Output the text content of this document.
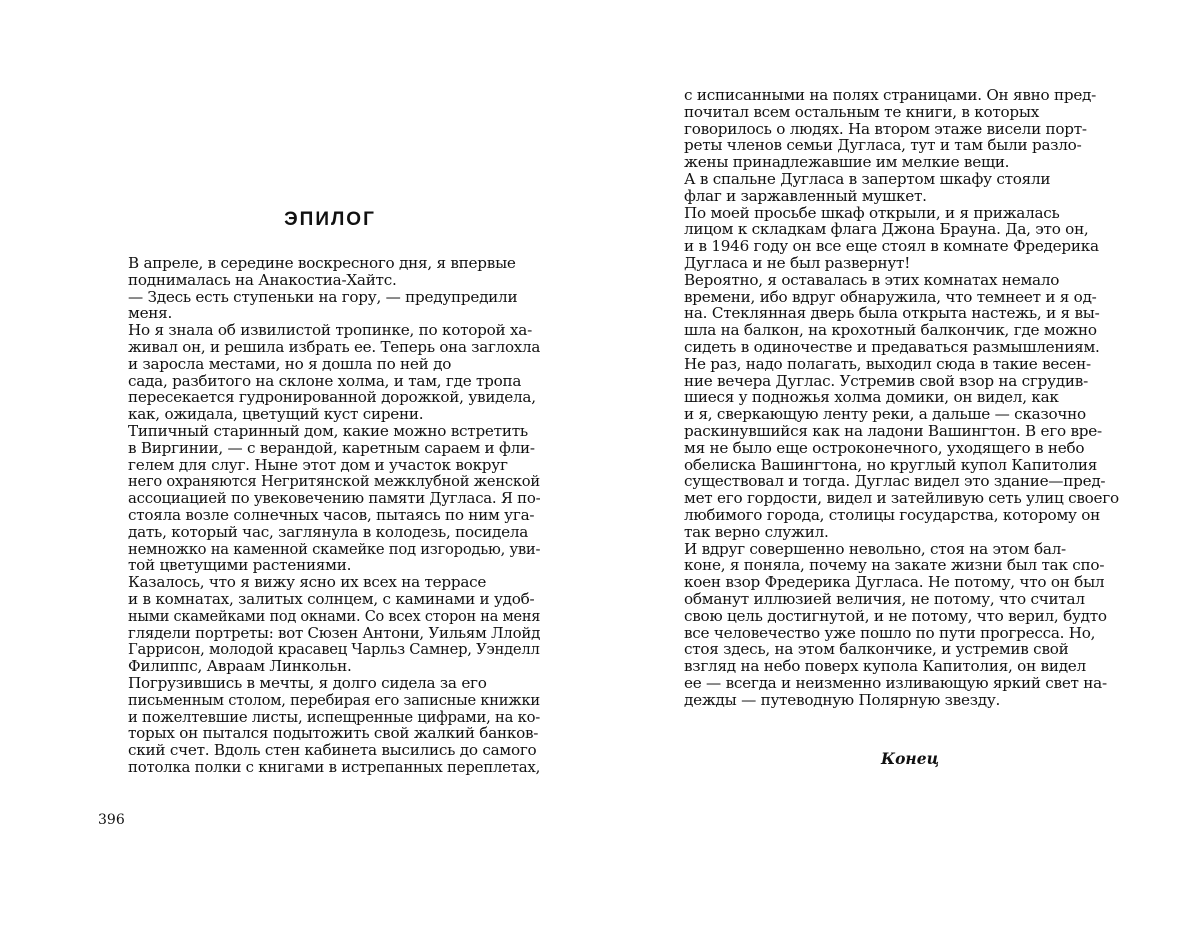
ЭПИЛОГ
В апреле, в середине воскресного дня, я впервые
поднималась на Анакостиа-Хайтс.
— Здесь есть ступеньки на гору, — предупредили
меня.
Но я знала об извилистой тропинке, по которой ха-
живал он, и решила избрать ее. Теперь она заглохла
и заросла местами, но я дошла по ней до
сада, разбитого на склоне холма, и там, где тропа
пересекается гудронированной дорожкой, увидела,
как, ожидала, цветущий куст сирени.
Типичный старинный дом, какие можно встретить
в Виргинии, — с верандой, каретным сараем и фли-
гелем для слуг. Ныне этот дом и участок вокруг
него охраняются Негритянской межклубной женской
ассоциацией по увековечению памяти Дугласа. Я по-
стояла возле солнечных часов, пытаясь по ним уга-
дать, который час, заглянула в колодезь, посидела
немножко на каменной скамейке под изгородью, уви-
той цветущими растениями.
Казалось, что я вижу ясно их всех на террасе
и в комнатах, залитых солнцем, с каминами и удоб-
ными скамейками под окнами. Со всех сторон на меня
глядели портреты: вот Сюзен Антони, Уильям Ллойд
Гаррисон, молодой красавец Чарльз Самнер, Уэнделл
Филиппс, Авраам Линкольн.
Погрузившись в мечты, я долго сидела за его
письменным столом, перебирая его записные книжки
и пожелтевшие листы, испещренные цифрами, на ко-
торых он пытался подытожить свой жалкий банков-
ский счет. Вдоль стен кабинета высились до самого
потолка полки с книгами в истрепанных переплетах,
396
с исписанными на полях страницами. Он явно пред-
почитал всем остальным те книги, в которых
говорилось о людях. На втором этаже висели порт-
реты членов семьи Дугласа, тут и там были разло-
жены принадлежавшие им мелкие вещи.
А в спальне Дугласа в запертом шкафу стояли
флаг и заржавленный мушкет.
По моей просьбе шкаф открыли, и я прижалась
лицом к складкам флага Джона Брауна. Да, это он,
и в 1946 году он все еще стоял в комнате Фредерика
Дугласа и не был развернут!
Вероятно, я оставалась в этих комнатах немало
времени, ибо вдруг обнаружила, что темнеет и я од-
на. Стеклянная дверь была открыта настежь, и я вы-
шла на балкон, на крохотный балкончик, где можно
сидеть в одиночестве и предаваться размышлениям.
Не раз, надо полагать, выходил сюда в такие весен-
ние вечера Дуглас. Устремив свой взор на сгрудив-
шиеся у подножья холма домики, он видел, как
и я, сверкающую ленту реки, а дальше — сказочно
раскинувшийся как на ладони Вашингтон. В его вре-
мя не было еще остроконечного, уходящего в небо
обелиска Вашингтона, но круглый купол Капитолия
существовал и тогда. Дуглас видел это здание—пред-
мет его гордости, видел и затейливую сеть улиц своего
любимого города, столицы государства, которому он
так верно служил.
И вдруг совершенно невольно, стоя на этом бал-
коне, я поняла, почему на закате жизни был так спо-
коен взор Фредерика Дугласа. Не потому, что он был
обманут иллюзией величия, не потому, что считал
свою цель достигнутой, и не потому, что верил, будто
все человечество уже пошло по пути прогресса. Но,
стоя здесь, на этом балкончике, и устремив свой
взгляд на небо поверх купола Капитолия, он видел
ее — всегда и неизменно изливающую яркий свет на-
дежды — путеводную Полярную звезду.
Конец
